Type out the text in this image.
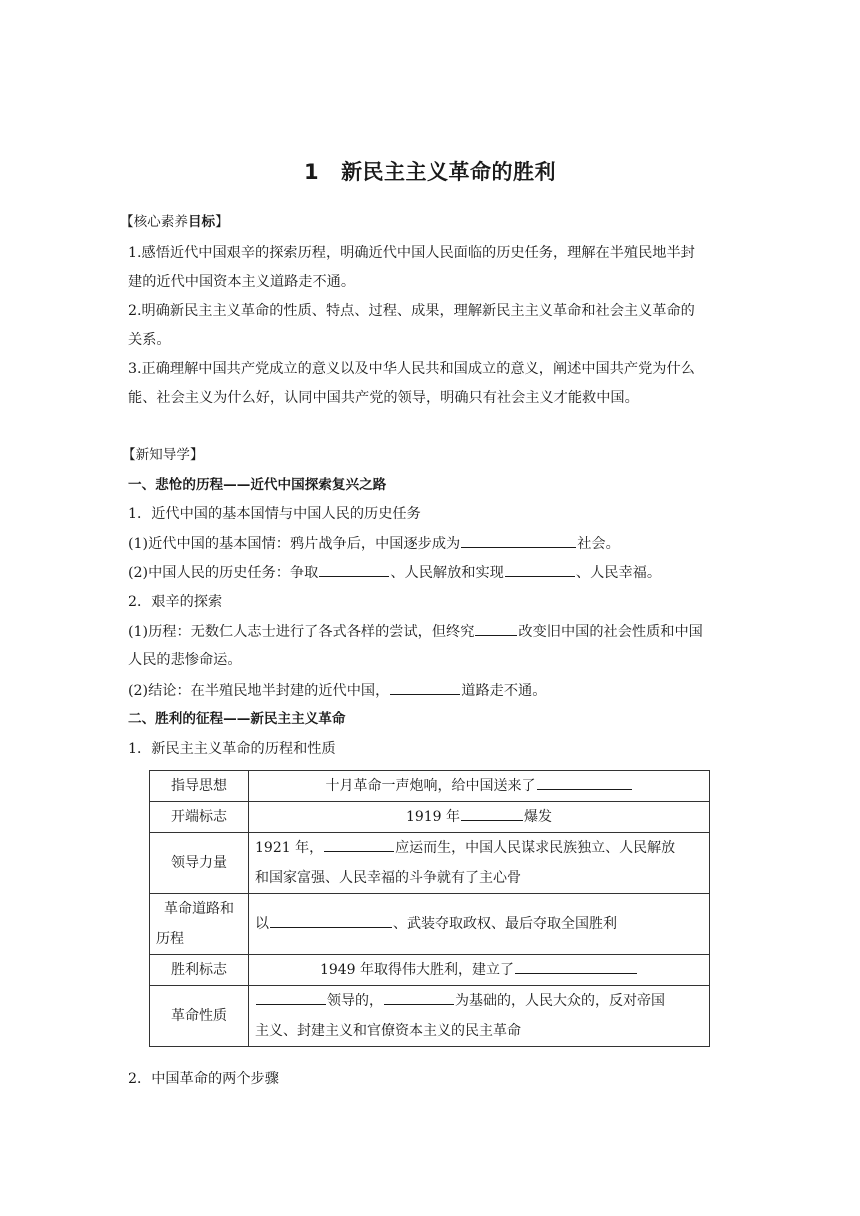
1 新民主主义革命的胜利
【核心素养目标】
1.感悟近代中国艰辛的探索历程，明确近代中国人民面临的历史任务，理解在半殖民地半封
建的近代中国资本主义道路走不通。
2.明确新民主主义革命的性质、特点、过程、成果，理解新民主主义革命和社会主义革命的
关系。
3.正确理解中国共产党成立的意义以及中华人民共和国成立的意义，阐述中国共产党为什么
能、社会主义为什么好，认同中国共产党的领导，明确只有社会主义才能救中国。
【新知导学】
一、悲怆的历程——近代中国探索复兴之路
1．近代中国的基本国情与中国人民的历史任务
(1)近代中国的基本国情：鸦片战争后，中国逐步成为	社会。
(2)中国人民的历史任务：争取	、人民解放和实现	、人民幸福。
2．艰辛的探索
(1)历程：无数仁人志士进行了各式各样的尝试，但终究	改变旧中国的社会性质和中国
人民的悲惨命运。
(2)结论：在半殖民地半封建的近代中国，	道路走不通。
二、胜利的征程——新民主主义革命
1．新民主主义革命的历程和性质
指导思想	十月革命一声炮响，给中国送来了
开端标志	1919 年 爆发
领导力量	1921 年， 应运而生，中国人民谋求民族独立、人民解放
和国家富强、人民幸福的斗争就有了主心骨

革命道路和
历程	以 、武装夺取政权、最后夺取全国胜利
胜利标志	1949 年取得伟大胜利，建立了
革命性质	领导的， 为基础的，人民大众的，反对帝国
主义、封建主义和官僚资本主义的民主革命
2．中国革命的两个步骤
